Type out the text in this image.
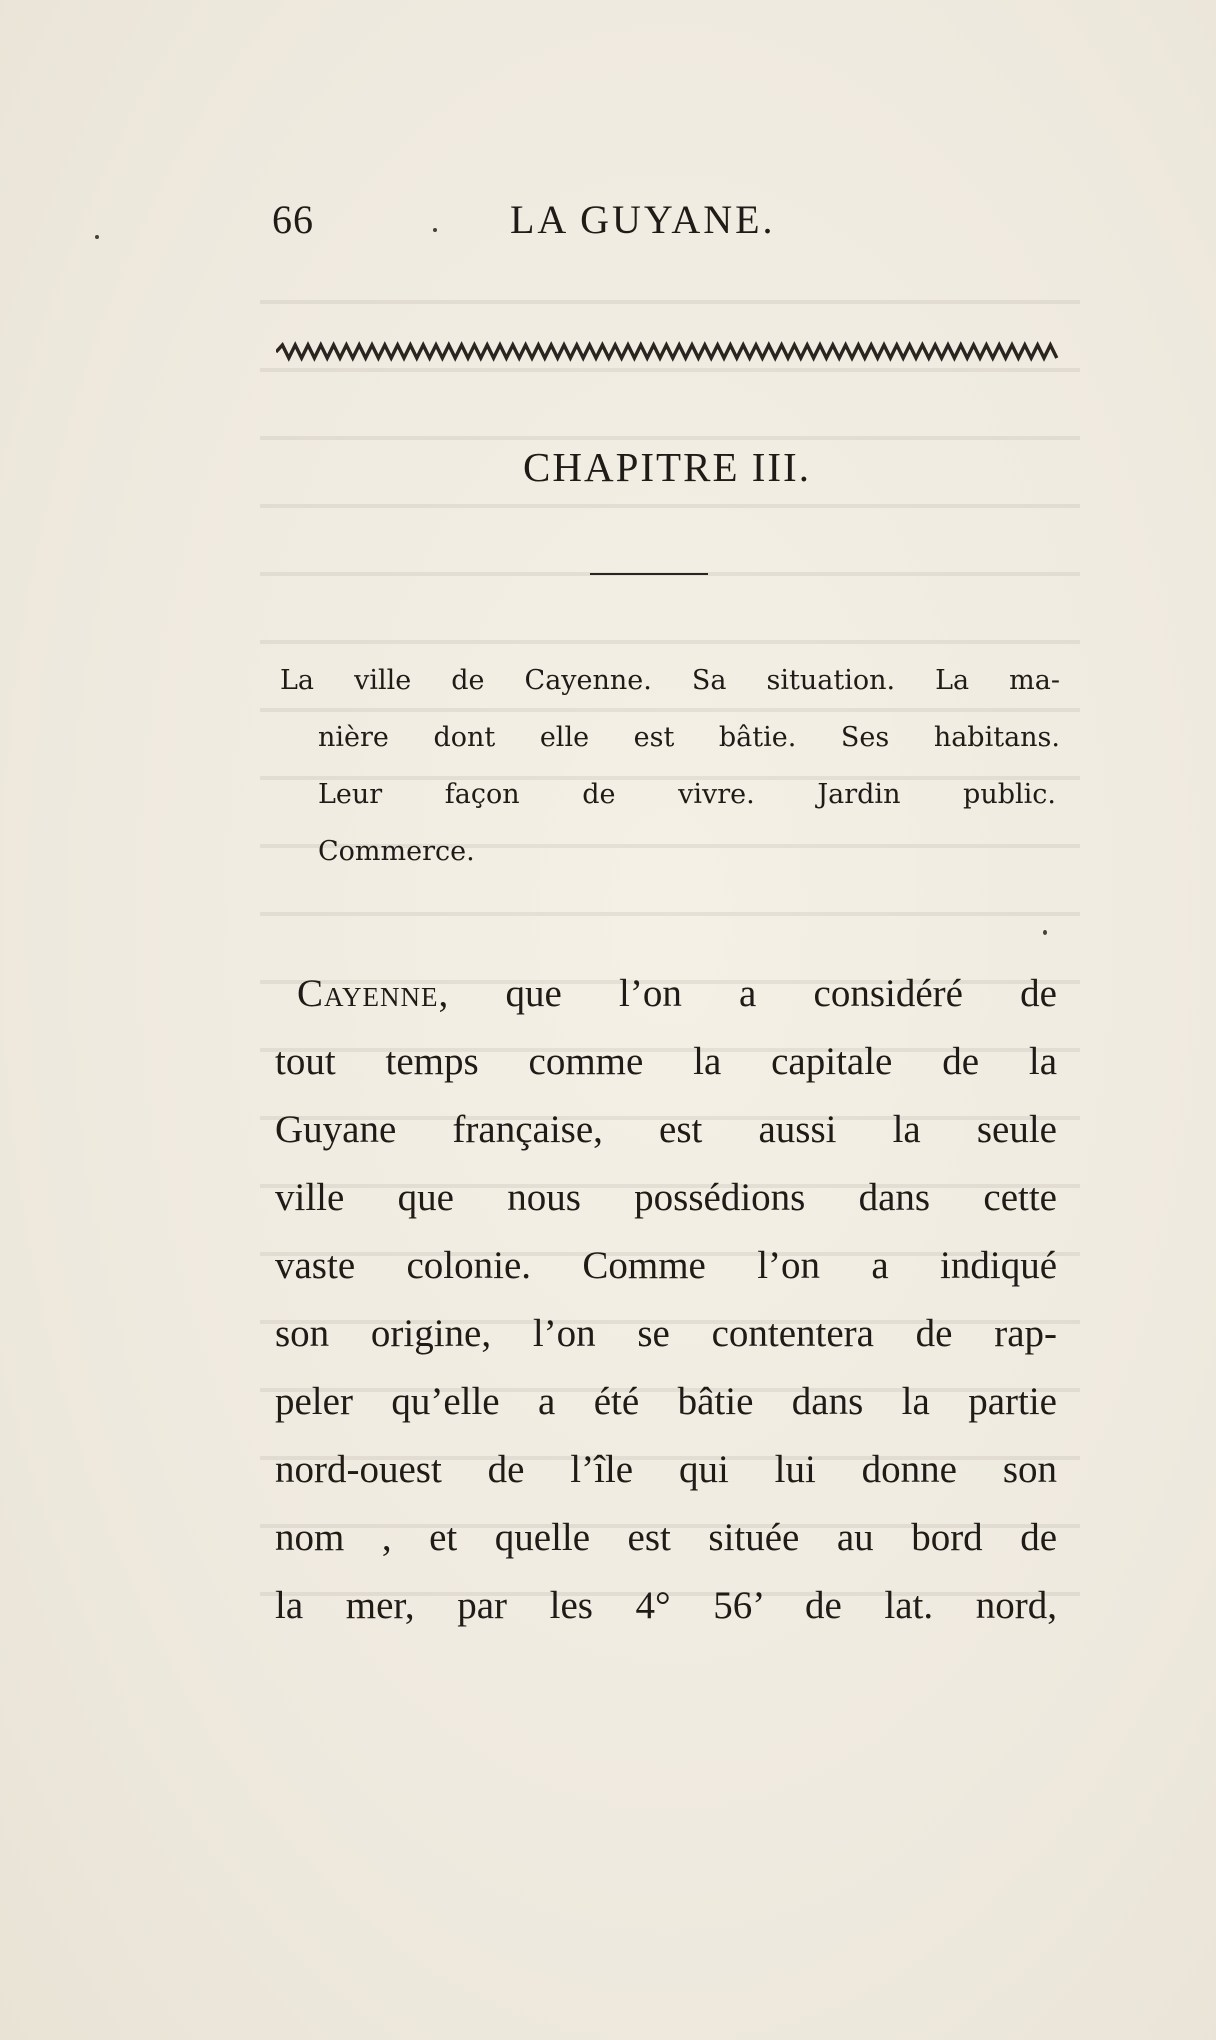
66	LA GUYANE.
CHAPITRE III.
La ville de Cayenne. Sa situation. La ma-
nière dont elle est bâtie. Ses habitans.
Leur façon de vivre. Jardin public.
Commerce.
Cayenne, que l’on a considéré de
tout temps comme la capitale de la
Guyane française, est aussi la seule
ville que nous possédions dans cette
vaste colonie. Comme l’on a indiqué
son origine, l’on se contentera de rap-
peler qu’elle a été bâtie dans la partie
nord-ouest de l’île qui lui donne son
nom , et quelle est située au bord de
la mer, par les 4° 56’ de lat. nord,
